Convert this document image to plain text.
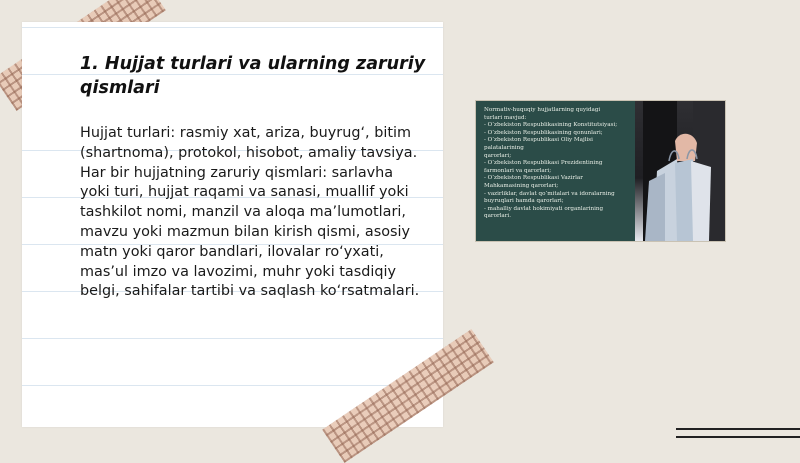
1. Hujjat turlari va ularning zaruriy qismlari

Hujjat turlari: rasmiy xat, ariza, buyrug‘, bitim (shartnoma), protokol, hisobot, amaliy tavsiya. Har bir hujjatning zaruriy qismlari: sarlavha yoki turi, hujjat raqami va sanasi, muallif yoki tashkilot nomi, manzil va aloqa ma’lumotlari, mavzu yoki mazmun bilan kirish qismi, asosiy matn yoki qaror bandlari, ilovalar ro‘yxati, mas’ul imzo va lavozimi, muhr yoki tasdiqiy belgi, sahifalar tartibi va saqlash ko‘rsatmalari.

Normativ-huquqiy hujjatlarning quyidagi
turlari mavjud:
- O‘zbekiston Respublikasining Konstitutsiyasi;
- O‘zbekiston Respublikasining qonunlari;
- O‘zbekiston Respublikasi Oliy Majlisi
palatalarining
qarorlari;
- O‘zbekiston Respublikasi Prezidentining
farmonlari va qarorlari;
- O‘zbekiston Respublikasi Vazirlar
Mahkamasining qarorlari;
- vazirliklar, davlat qo‘mitalari va idoralarning
buyruqlari hamda qarorlari;
- mahalliy davlat hokimiyati organlarining
qarorlari.
